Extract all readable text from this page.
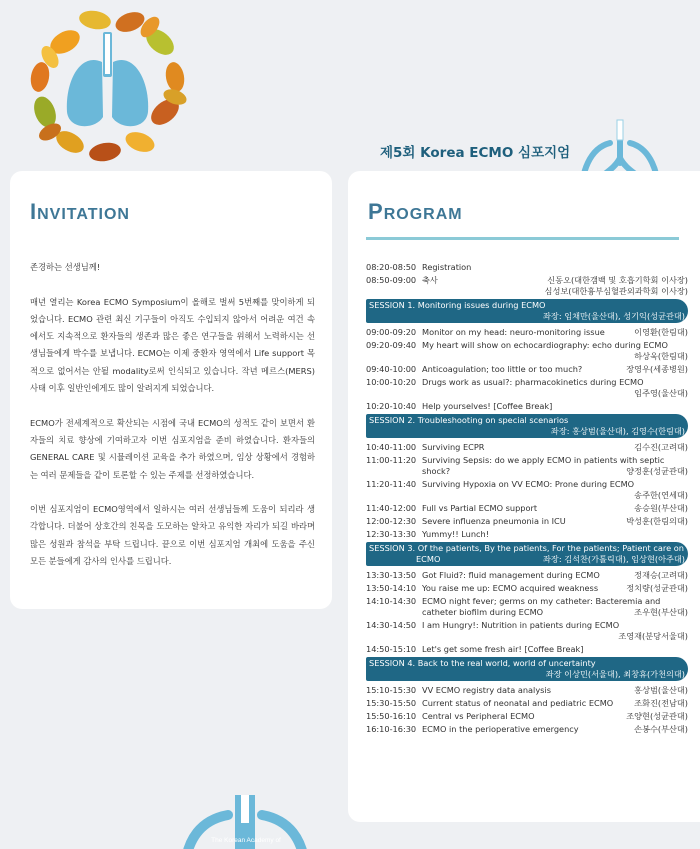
제5회 Korea ECMO 심포지엄
The Korean Academy of
INVITATION

존경하는 선생님께!

매년 열리는 Korea ECMO Symposium이 올해로 벌써 5번째를 맞이하게 되었습니다. ECMO 관련 최신 기구들이 아직도 수입되지 않아서 어려운 여건 속에서도 지속적으로 환자들의 생존과 많은 좋은 연구들을 위해서 노력하시는 선생님들에게 박수를 보냅니다. ECMO는 이제 중환자 영역에서 Life support 목적으로 없어서는 안될 modality로써 인식되고 있습니다. 작년 메르스(MERS) 사태 이후 일반인에게도 많이 알려지게 되었습니다.

ECMO가 전세계적으로 확산되는 시점에 국내 ECMO의 성적도 같이 보면서 환자들의 치료 향상에 기여하고자 이번 심포지엄을 준비 하였습니다. 환자들의 GENERAL CARE 및 시뮬레이션 교육을 추가 하였으며, 임상 상황에서 경험하는 여러 문제들을 같이 토론할 수 있는 주제를 선정하였습니다.

이번 심포지엄이 ECMO영역에서 일하시는 여러 선생님들께 도움이 되리라 생각합니다. 더불어 상호간의 친목을 도모하는 알차고 유익한 자리가 되길 바라며 많은 성원과 참석을 부탁 드립니다. 끝으로 이번 심포지엄 개최에 도움을 주신 모든 분들에게 감사의 인사를 드립니다.

PROGRAM
08:20-08:50 Registration
08:50-09:00 축사	신동오(대한갬백 및 호흡기학회 이사장)
심성보(대한흉부심혈관외과학회 이사장)
SESSION 1. Monitoring issues during ECMO
좌장: 임채만(울산대), 성기익(성균관대)
09:00-09:20 Monitor on my head: neuro-monitoring issue	이영환(한림대)
09:20-09:40 My heart will show on echocardiography: echo during ECMO
하상욱(한림대)
09:40-10:00 Anticoagulation; too little or too much?	장영우(세종병원)
10:00-10:20 Drugs work as usual?: pharmacokinetics during ECMO
임주영(울산대)
10:20-10:40 Help yourselves! [Coffee Break]
SESSION 2. Troubleshooting on special scenarios
좌장: 홍상범(울산대), 김영수(한림대)
10:40-11:00 Surviving ECPR	김수진(고려대)
11:00-11:20 Surviving Sepsis: do we apply ECMO in patients with septic shock?	양정훈(성균관대)
11:20-11:40 Surviving Hypoxia on VV ECMO: Prone during ECMO
송주한(연세대)
11:40-12:00 Full vs Partial ECMO support	송승원(부산대)
12:00-12:30 Severe influenza pneumonia in ICU	박성훈(한림의대)
12:30-13:30 Yummy!! Lunch!
SESSION 3. Of the patients, By the patients, For the patients; Patient care on
ECMO	좌장: 김석찬(가톨릭대), 임상현(아주대)
13:30-13:50 Got Fluid?: fluid management during ECMO	정재승(고려대)
13:50-14:10 You raise me up: ECMO acquired weakness	정치량(성균관대)
14:10-14:30 ECMO night fever; germs on my catheter: Bacteremia and catheter biofilm during ECMO	조우현(부산대)
14:30-14:50 I am Hungry!: Nutrition in patients during ECMO
조영재(분당서울대)
14:50-15:10 Let's get some fresh air! [Coffee Break]
SESSION 4. Back to the real world, world of uncertainty
좌장 이상민(서울대), 최창휴(가천의대)
15:10-15:30 VV ECMO registry data analysis	홍상범(울산대)
15:30-15:50 Current status of neonatal and pediatric ECMO	조화진(전남대)
15:50-16:10 Central vs Peripheral ECMO	조양현(성균관대)
16:10-16:30 ECMO in the perioperative emergency	손봉수(부산대)
